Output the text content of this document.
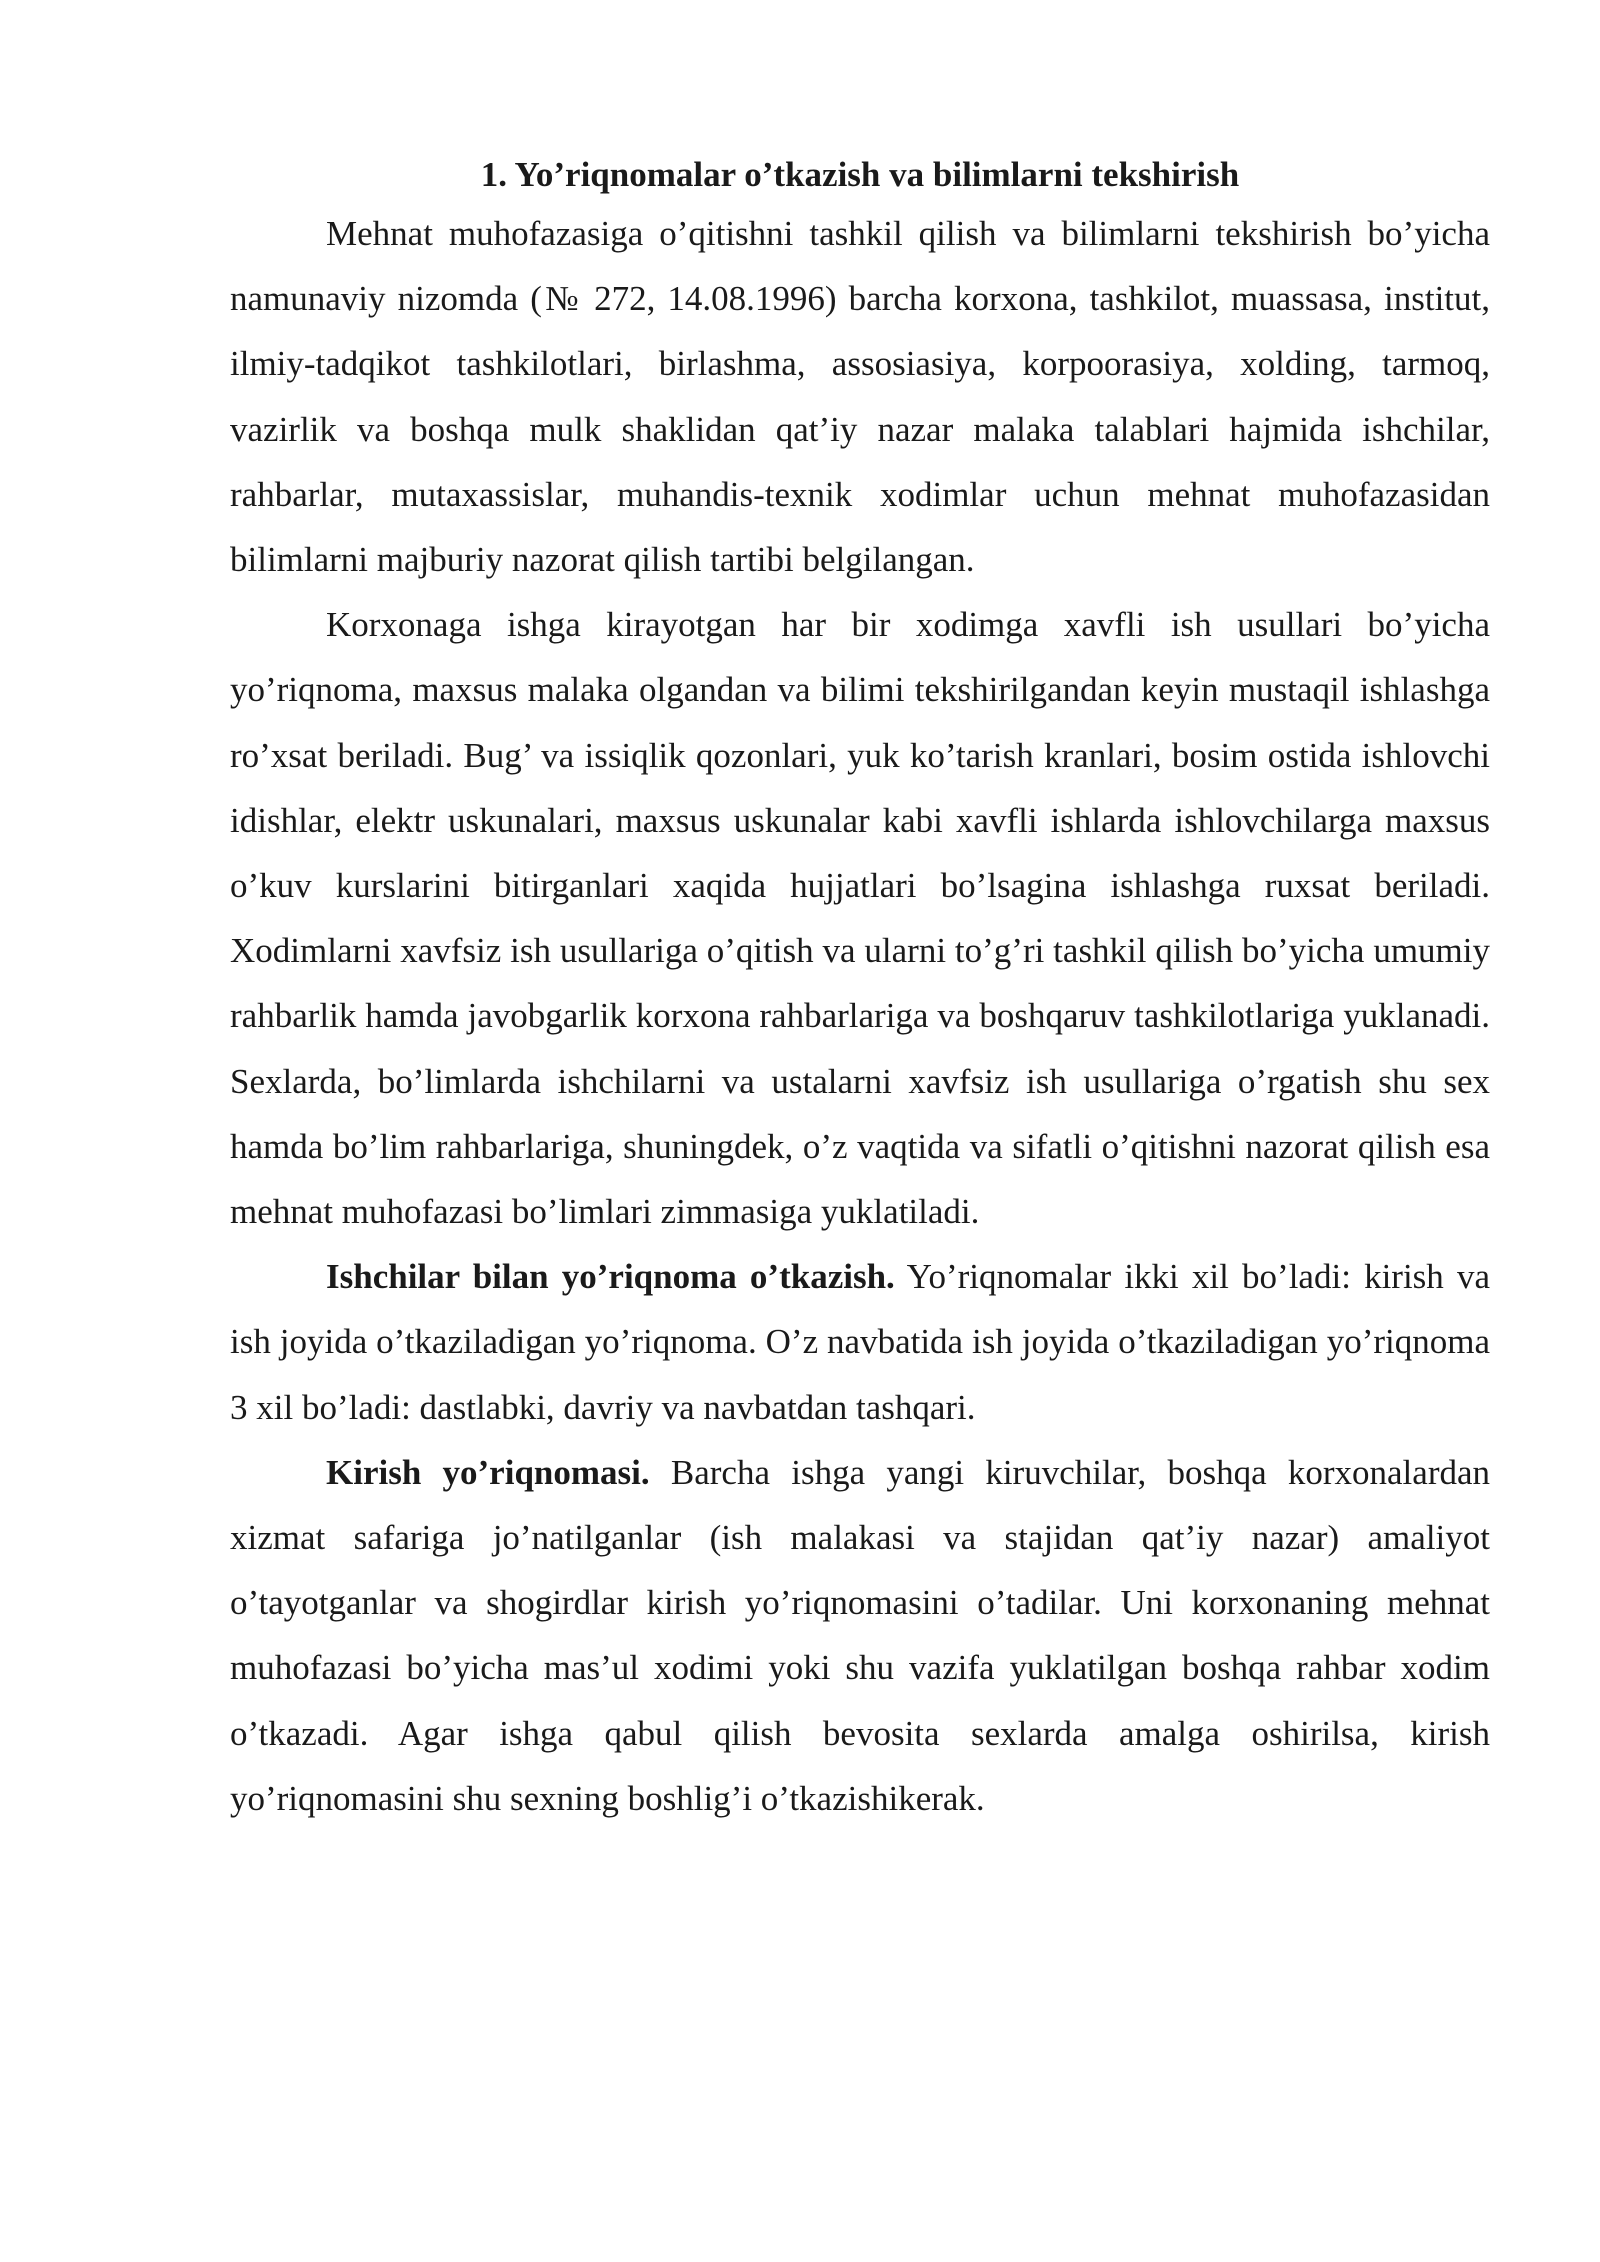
1. Yo’riqnomalar o’tkazish va bilimlarni tekshirish

Mehnat muhofazasiga o’qitishni tashkil qilish va bilimlarni tekshirish bo’yicha namunaviy nizomda (№ 272, 14.08.1996) barcha korxona, tashkilot, muassasa, institut, ilmiy-tadqikot tashkilotlari, birlashma, assosiasiya, korpoorasiya, xolding, tarmoq, vazirlik va boshqa mulk shaklidan qat’iy nazar malaka talablari hajmida ishchilar, rahbarlar, mutaxassislar, muhandis-texnik xodimlar uchun mehnat muhofazasidan bilimlarni majburiy nazorat qilish tartibi belgilangan.

Korxonaga ishga kirayotgan har bir xodimga xavfli ish usullari bo’yicha yo’riqnoma, maxsus malaka olgandan va bilimi tekshirilgandan keyin mustaqil ishlashga ro’xsat beriladi. Bug’ va issiqlik qozonlari, yuk ko’tarish kranlari, bosim ostida ishlovchi idishlar, elektr uskunalari, maxsus uskunalar kabi xavfli ishlarda ishlovchilarga maxsus o’kuv kurslarini bitirganlari xaqida hujjatlari bo’lsagina ishlashga ruxsat beriladi. Xodimlarni xavfsiz ish usullariga o’qitish va ularni to’g’ri tashkil qilish bo’yicha umumiy rahbarlik hamda javobgarlik korxona rahbarlariga va boshqaruv tashkilotlariga yuklanadi. Sexlarda, bo’limlarda ishchilarni va ustalarni xavfsiz ish usullariga o’rgatish shu sex hamda bo’lim rahbarlariga, shuningdek, o’z vaqtida va sifatli o’qitishni nazorat qilish esa mehnat muhofazasi bo’limlari zimmasiga yuklatiladi.

Ishchilar bilan yo’riqnoma o’tkazish. Yo’riqnomalar ikki xil bo’ladi: kirish va ish joyida o’tkaziladigan yo’riqnoma. O’z navbatida ish joyida o’tkaziladigan yo’riqnoma 3 xil bo’ladi: dastlabki, davriy va navbatdan tashqari.

Kirish yo’riqnomasi. Barcha ishga yangi kiruvchilar, boshqa korxonalardan xizmat safariga jo’natilganlar (ish malakasi va stajidan qat’iy nazar) amaliyot o’tayotganlar va shogirdlar kirish yo’riqnomasini o’tadilar. Uni korxonaning mehnat muhofazasi bo’yicha mas’ul xodimi yoki shu vazifa yuklatilgan boshqa rahbar xodim o’tkazadi. Agar ishga qabul qilish bevosita sexlarda amalga oshirilsa, kirish yo’riqnomasini shu sexning boshlig’i o’tkazishikerak.
